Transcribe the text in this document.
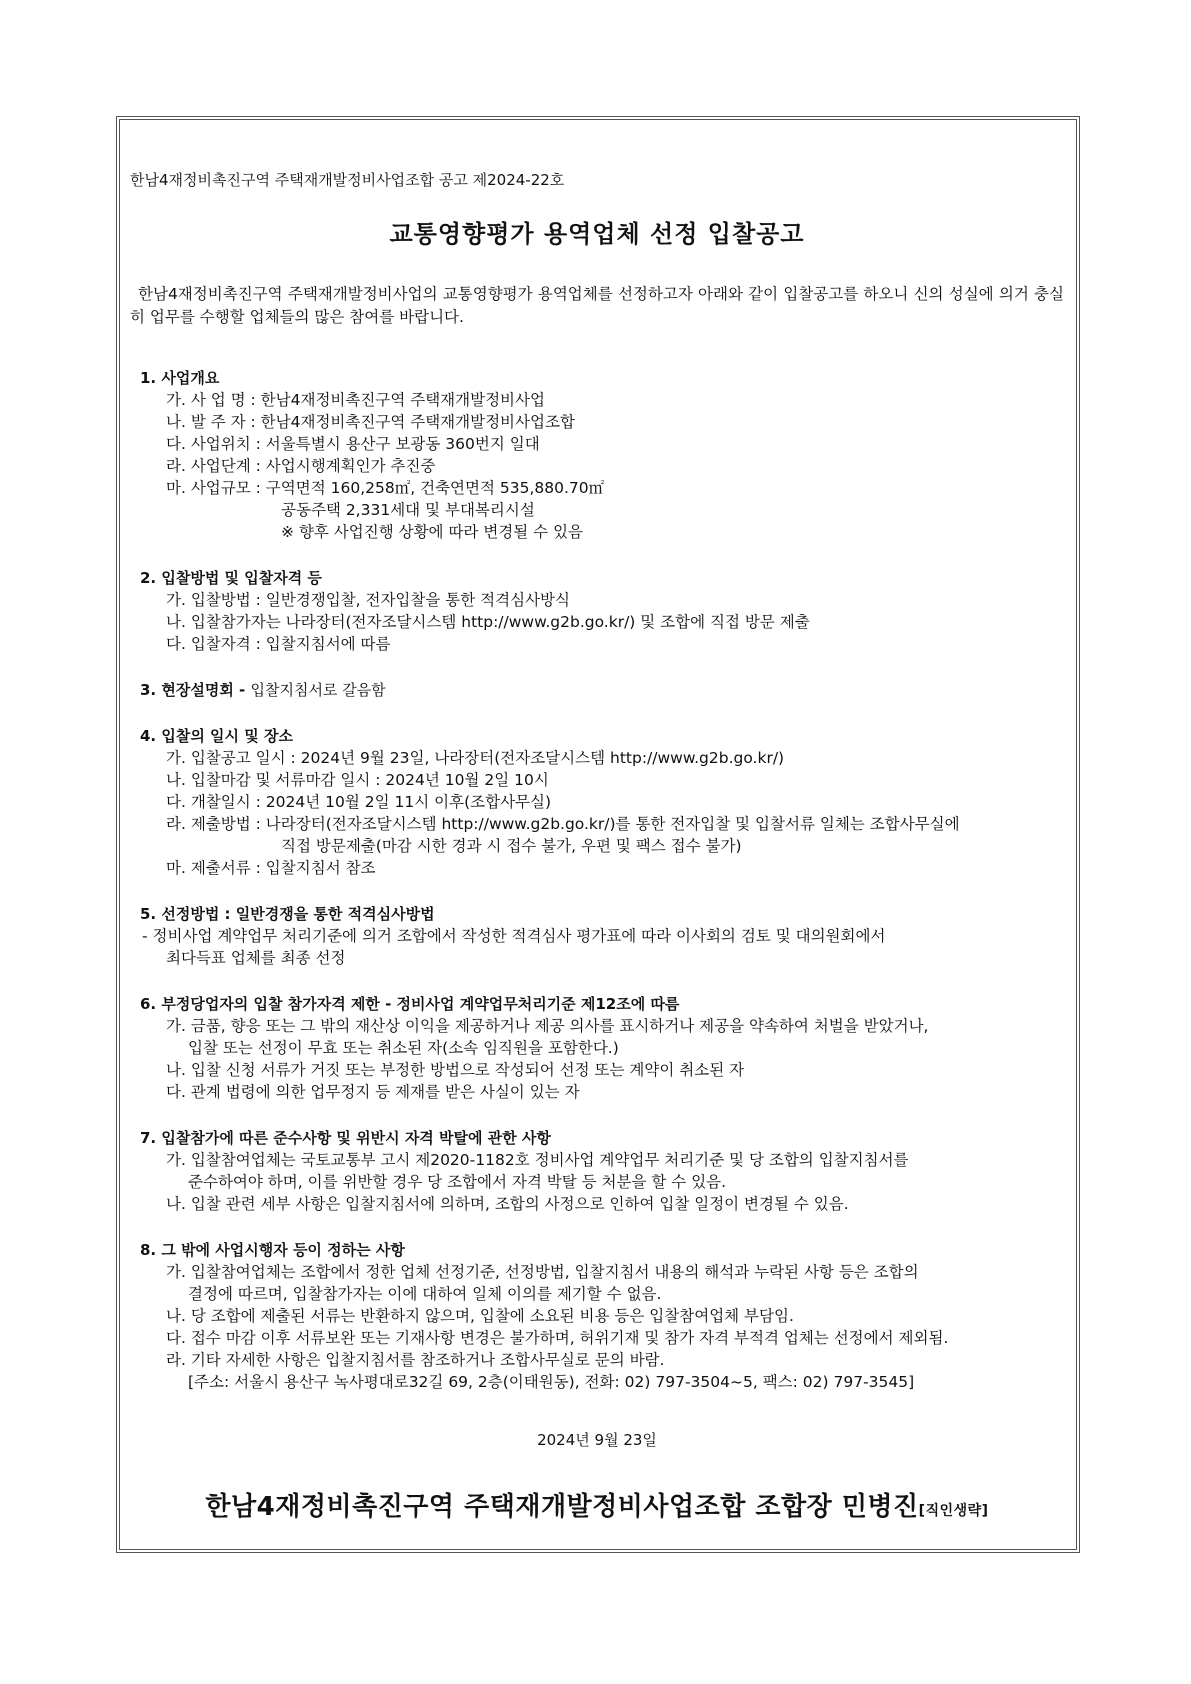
한남4재정비촉진구역 주택재개발정비사업조합 공고 제2024-22호
교통영향평가 용역업체 선정 입찰공고
한남4재정비촉진구역 주택재개발정비사업의 교통영향평가 용역업체를 선정하고자 아래와 같이 입찰공고를 하오니 신의 성실에 의거 충실히 업무를 수행할 업체들의 많은 참여를 바랍니다.
1. 사업개요
가. 사 업 명 : 한남4재정비촉진구역 주택재개발정비사업
나. 발 주 자 : 한남4재정비촉진구역 주택재개발정비사업조합
다. 사업위치 : 서울특별시 용산구 보광동 360번지 일대
라. 사업단계 : 사업시행계획인가 추진중
마. 사업규모 : 구역면적 160,258㎡, 건축연면적 535,880.70㎡
공동주택 2,331세대 및 부대복리시설
※ 향후 사업진행 상황에 따라 변경될 수 있음
2. 입찰방법 및 입찰자격 등
가. 입찰방법 : 일반경쟁입찰, 전자입찰을 통한 적격심사방식
나. 입찰참가자는 나라장터(전자조달시스템 http://www.g2b.go.kr/) 및 조합에 직접 방문 제출
다. 입찰자격 : 입찰지침서에 따름
3. 현장설명회 - 입찰지침서로 갈음함
4. 입찰의 일시 및 장소
가. 입찰공고 일시 : 2024년 9월 23일, 나라장터(전자조달시스템 http://www.g2b.go.kr/)
나. 입찰마감 및 서류마감 일시 : 2024년 10월 2일 10시
다. 개찰일시 : 2024년 10월 2일 11시 이후(조합사무실)
라. 제출방법 : 나라장터(전자조달시스템 http://www.g2b.go.kr/)를 통한 전자입찰 및 입찰서류 일체는 조합사무실에
직접 방문제출(마감 시한 경과 시 접수 불가, 우편 및 팩스 접수 불가)
마. 제출서류 : 입찰지침서 참조
5. 선정방법 : 일반경쟁을 통한 적격심사방법
- 정비사업 계약업무 처리기준에 의거 조합에서 작성한 적격심사 평가표에 따라 이사회의 검토 및 대의원회에서
최다득표 업체를 최종 선정
6. 부정당업자의 입찰 참가자격 제한 - 정비사업 계약업무처리기준 제12조에 따름
가. 금품, 향응 또는 그 밖의 재산상 이익을 제공하거나 제공 의사를 표시하거나 제공을 약속하여 처벌을 받았거나,
입찰 또는 선정이 무효 또는 취소된 자(소속 임직원을 포함한다.)
나. 입찰 신청 서류가 거짓 또는 부정한 방법으로 작성되어 선정 또는 계약이 취소된 자
다. 관계 법령에 의한 업무정지 등 제재를 받은 사실이 있는 자
7. 입찰참가에 따른 준수사항 및 위반시 자격 박탈에 관한 사항
가. 입찰참여업체는 국토교통부 고시 제2020-1182호 정비사업 계약업무 처리기준 및 당 조합의 입찰지침서를
준수하여야 하며, 이를 위반할 경우 당 조합에서 자격 박탈 등 처분을 할 수 있음.
나. 입찰 관련 세부 사항은 입찰지침서에 의하며, 조합의 사정으로 인하여 입찰 일정이 변경될 수 있음.
8. 그 밖에 사업시행자 등이 정하는 사항
가. 입찰참여업체는 조합에서 정한 업체 선정기준, 선정방법, 입찰지침서 내용의 해석과 누락된 사항 등은 조합의
결정에 따르며, 입찰참가자는 이에 대하여 일체 이의를 제기할 수 없음.
나. 당 조합에 제출된 서류는 반환하지 않으며, 입찰에 소요된 비용 등은 입찰참여업체 부담임.
다. 접수 마감 이후 서류보완 또는 기재사항 변경은 불가하며, 허위기재 및 참가 자격 부적격 업체는 선정에서 제외됨.
라. 기타 자세한 사항은 입찰지침서를 참조하거나 조합사무실로 문의 바람.
[주소: 서울시 용산구 녹사평대로32길 69, 2층(이태원동), 전화: 02) 797-3504~5, 팩스: 02) 797-3545]
2024년 9월 23일
한남4재정비촉진구역 주택재개발정비사업조합 조합장 민병진[직인생략]
